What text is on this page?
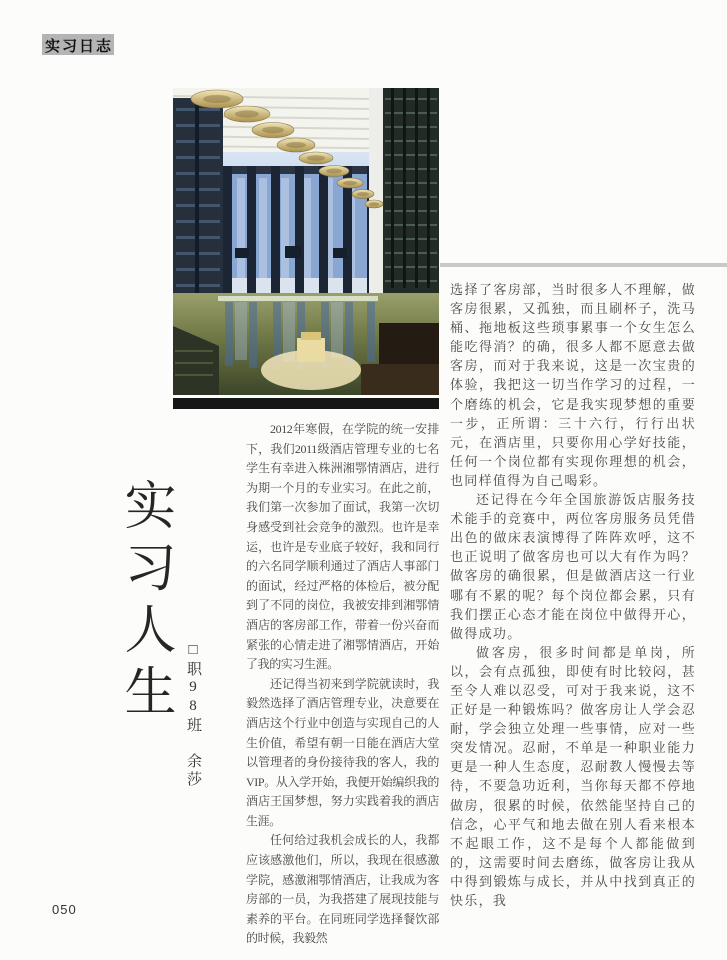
实习日志
实习人生 □职98班　余莎

2012年寒假，在学院的统一安排下，我们2011级酒店管理专业的七名学生有幸进入株洲湘鄂情酒店，进行为期一个月的专业实习。在此之前，我们第一次参加了面试，我第一次切身感受到社会竞争的激烈。也许是幸运，也许是专业底子较好，我和同行的六名同学顺利通过了酒店人事部门的面试，经过严格的体检后，被分配到了不同的岗位，我被安排到湘鄂情酒店的客房部工作，带着一份兴奋而紧张的心情走进了湘鄂情酒店，开始了我的实习生涯。

还记得当初来到学院就读时，我毅然选择了酒店管理专业，决意要在酒店这个行业中创造与实现自己的人生价值，希望有朝一日能在酒店大堂以管理者的身份接待我的客人，我的VIP。从入学开始，我便开始编织我的酒店王国梦想，努力实践着我的酒店生涯。

任何给过我机会成长的人，我都应该感激他们，所以，我现在很感激学院，感激湘鄂情酒店，让我成为客房部的一员，为我搭建了展现技能与素养的平台。在同班同学选择餐饮部的时候，我毅然

选择了客房部，当时很多人不理解，做客房很累，又孤独，而且刷杯子，洗马桶、拖地板这些琐事累事一个女生怎么能吃得消？的确，很多人都不愿意去做客房，而对于我来说，这是一次宝贵的体验，我把这一切当作学习的过程，一个磨练的机会，它是我实现梦想的重要一步，正所谓：三十六行，行行出状元，在酒店里，只要你用心学好技能，任何一个岗位都有实现你理想的机会，也同样值得为自己喝彩。

还记得在今年全国旅游饭店服务技术能手的竞赛中，两位客房服务员凭借出色的做床表演博得了阵阵欢呼，这不也正说明了做客房也可以大有作为吗？做客房的确很累，但是做酒店这一行业哪有不累的呢？每个岗位都会累，只有我们摆正心态才能在岗位中做得开心，做得成功。

做客房，很多时间都是单岗，所以，会有点孤独，即使有时比较闷，甚至令人难以忍受，可对于我来说，这不正好是一种锻炼吗？做客房让人学会忍耐，学会独立处理一些事情，应对一些突发情况。忍耐，不单是一种职业能力更是一种人生态度，忍耐教人慢慢去等待，不要急功近利，当你每天都不停地做房，很累的时候，依然能坚持自己的信念，心平气和地去做在别人看来根本不起眼工作，这不是每个人都能做到的，这需要时间去磨练，做客房让我从中得到锻炼与成长，并从中找到真正的快乐，我

050
